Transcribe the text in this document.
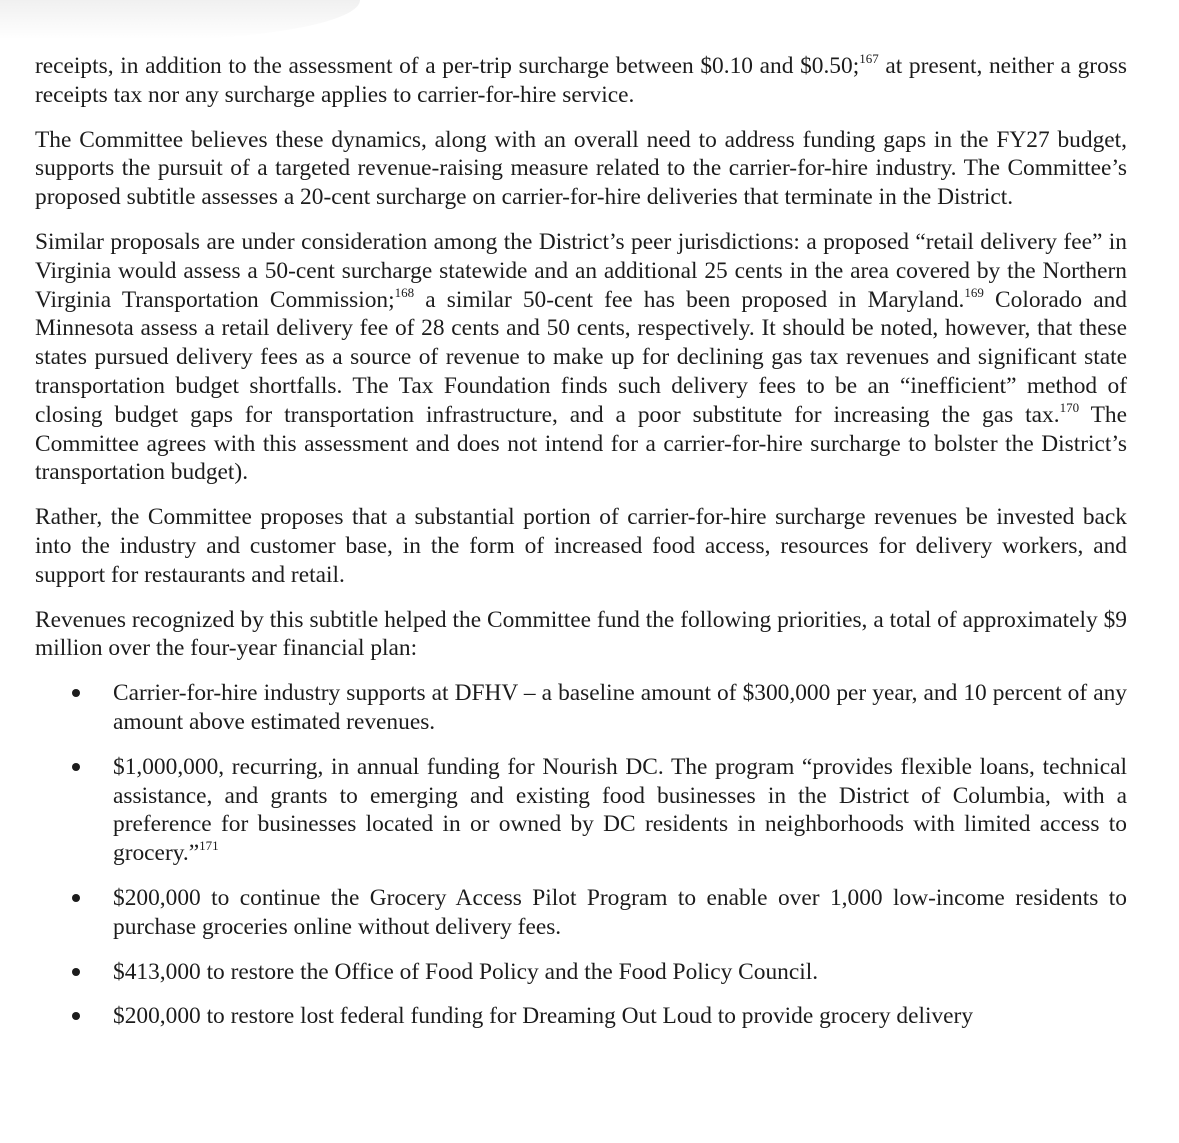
receipts, in addition to the assessment of a per-trip surcharge between $0.10 and $0.50;$^{167}$ at present, neither a gross receipts tax nor any surcharge applies to carrier-for-hire service.

The Committee believes these dynamics, along with an overall need to address funding gaps in the FY27 budget, supports the pursuit of a targeted revenue-raising measure related to the carrier-for-hire industry. The Committee’s proposed subtitle assesses a 20-cent surcharge on carrier-for-hire deliveries that terminate in the District.

Similar proposals are under consideration among the District’s peer jurisdictions: a proposed “retail delivery fee” in Virginia would assess a 50-cent surcharge statewide and an additional 25 cents in the area covered by the Northern Virginia Transportation Commission;$^{168}$ a similar 50-cent fee has been proposed in Maryland.$^{169}$ Colorado and Minnesota assess a retail delivery fee of 28 cents and 50 cents, respectively. It should be noted, however, that these states pursued delivery fees as a source of revenue to make up for declining gas tax revenues and significant state transportation budget shortfalls. The Tax Foundation finds such delivery fees to be an “inefficient” method of closing budget gaps for transportation infrastructure, and a poor substitute for increasing the gas tax.$^{170}$ The Committee agrees with this assessment and does not intend for a carrier-for-hire surcharge to bolster the District’s transportation budget).

Rather, the Committee proposes that a substantial portion of carrier-for-hire surcharge revenues be invested back into the industry and customer base, in the form of increased food access, resources for delivery workers, and support for restaurants and retail.

Revenues recognized by this subtitle helped the Committee fund the following priorities, a total of approximately $9 million over the four-year financial plan:

Carrier-for-hire industry supports at DFHV – a baseline amount of $300,000 per year, and 10 percent of any amount above estimated revenues.
$1,000,000, recurring, in annual funding for Nourish DC. The program “provides flexible loans, technical assistance, and grants to emerging and existing food businesses in the District of Columbia, with a preference for businesses located in or owned by DC residents in neighborhoods with limited access to grocery.”$^{171}$
$200,000 to continue the Grocery Access Pilot Program to enable over 1,000 low-income residents to purchase groceries online without delivery fees.
$413,000 to restore the Office of Food Policy and the Food Policy Council.
$200,000 to restore lost federal funding for Dreaming Out Loud to provide grocery delivery
